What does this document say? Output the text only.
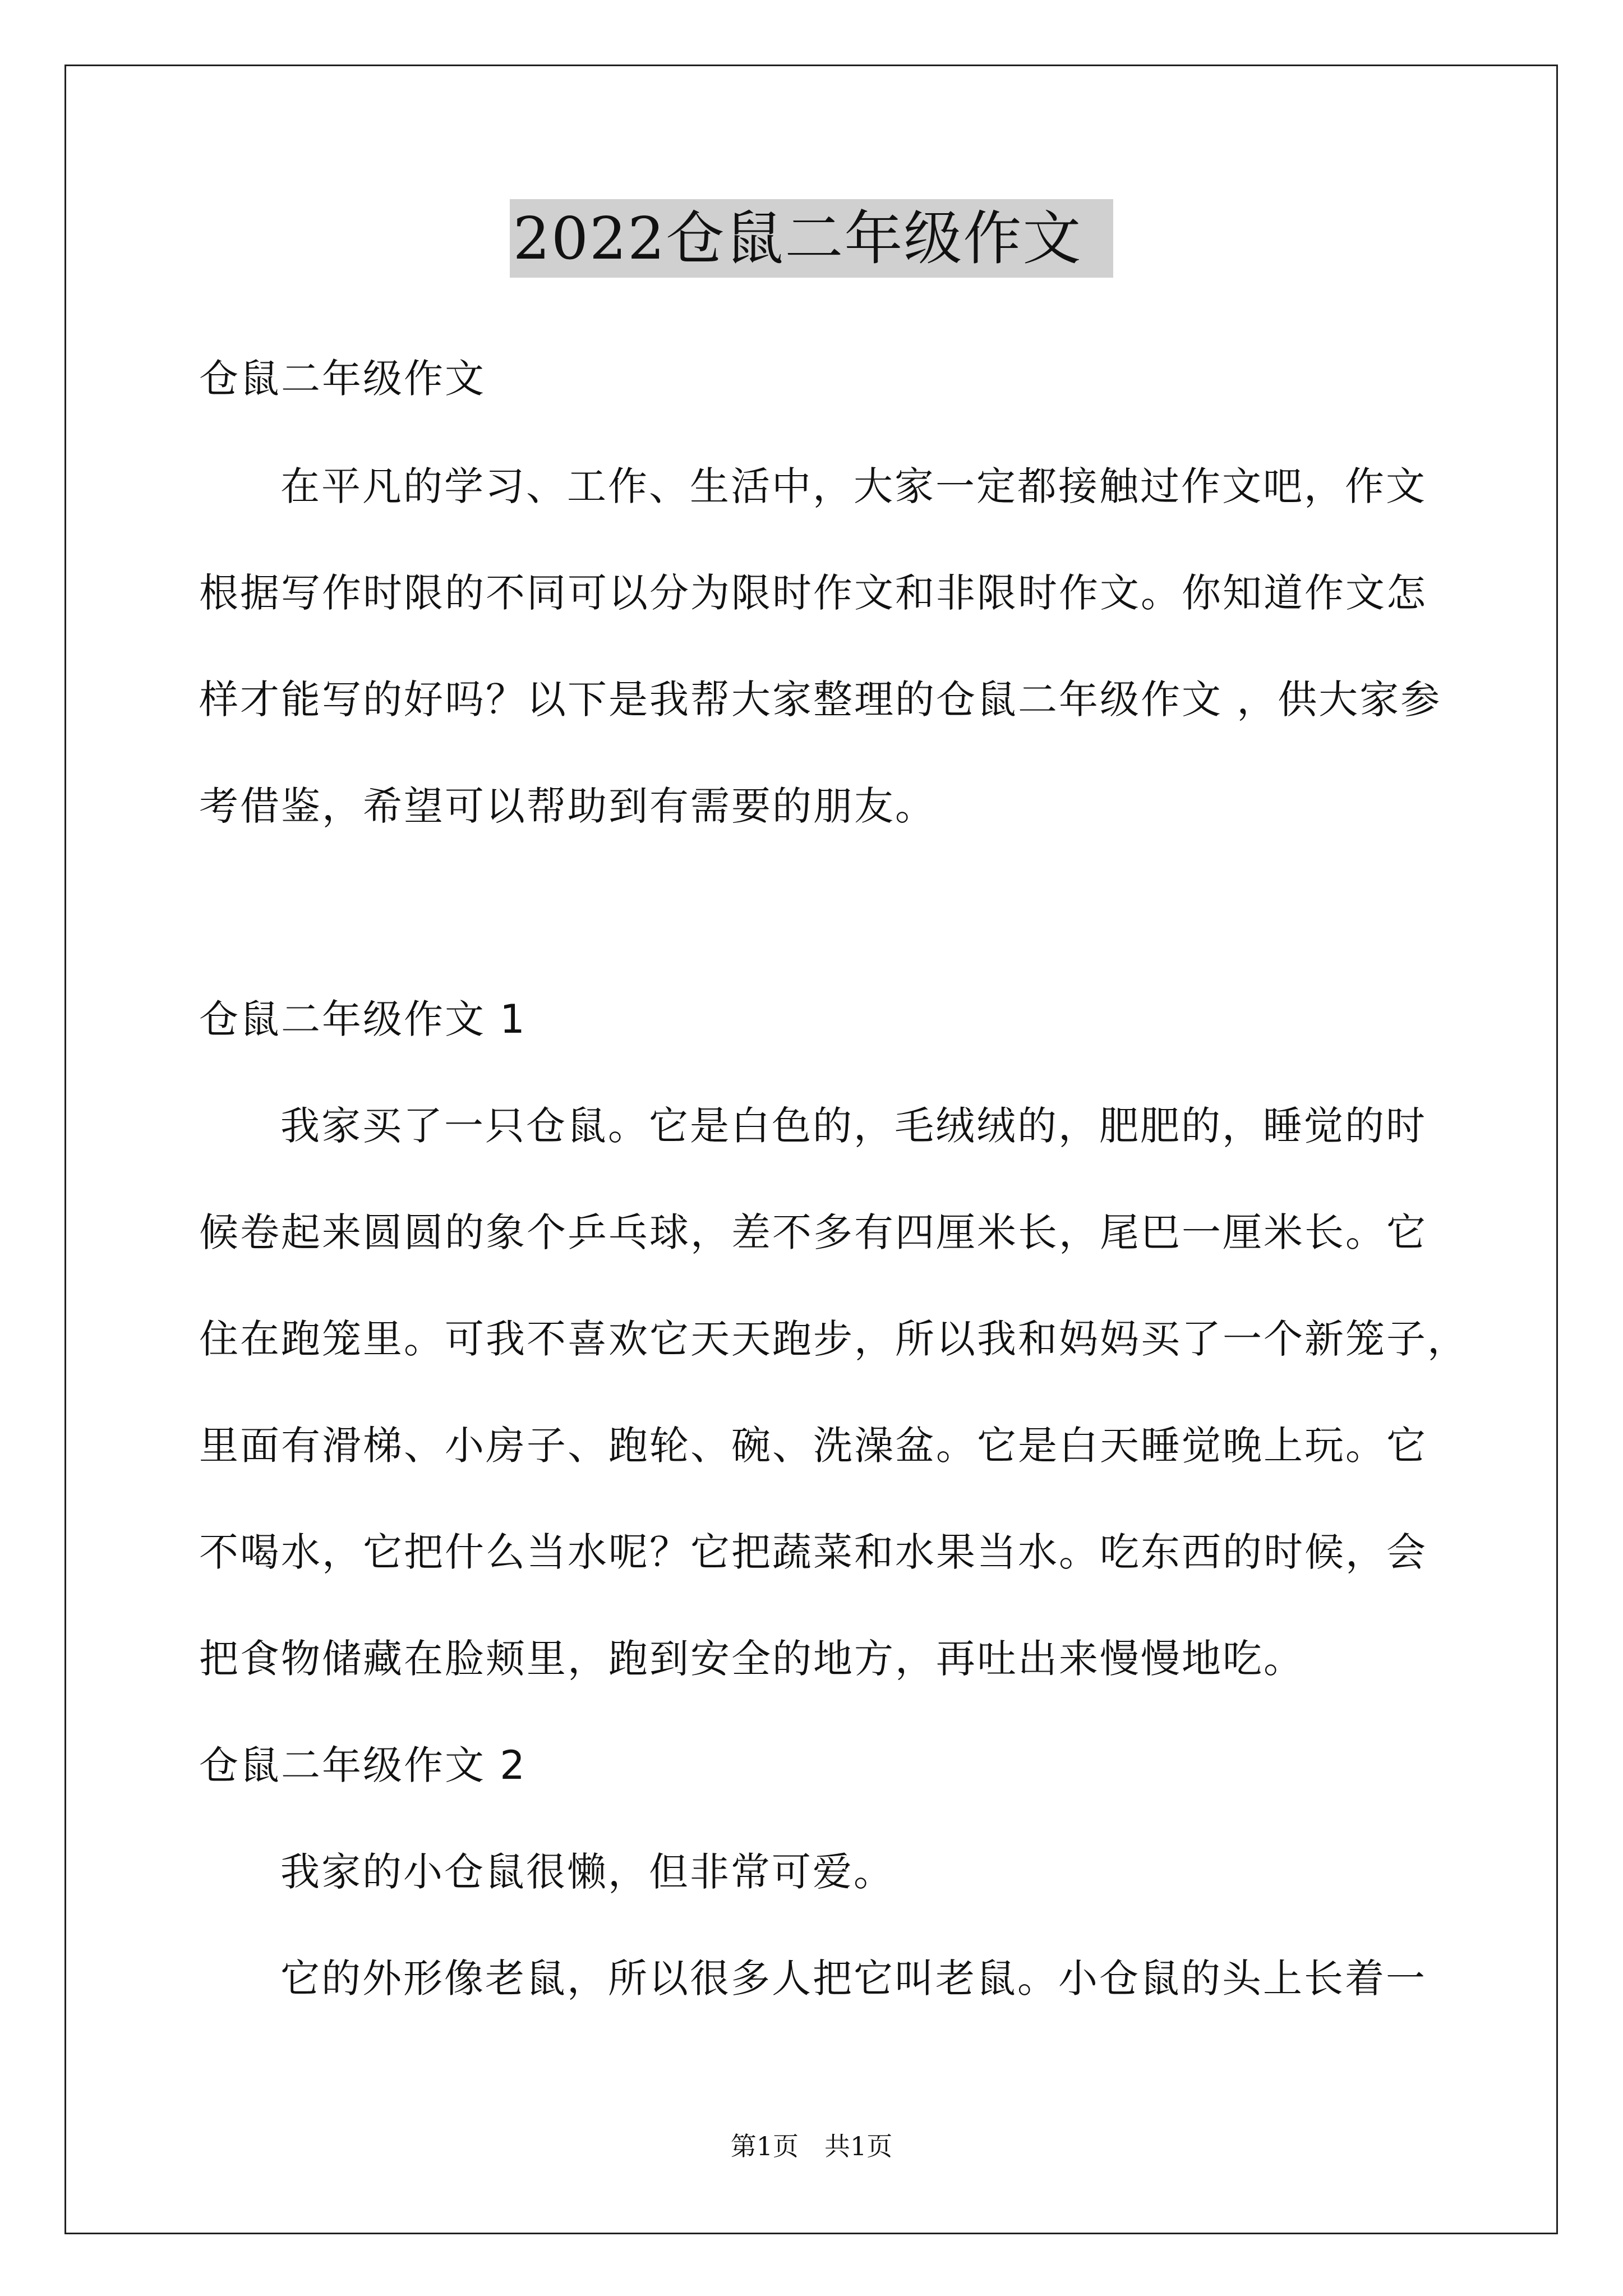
2022仓鼠二年级作文
仓鼠二年级作文
在平凡的学习、工作、生活中，大家一定都接触过作文吧，作文
根据写作时限的不同可以分为限时作文和非限时作文。你知道作文怎
样才能写的好吗？以下是我帮大家整理的仓鼠二年级作文 ，供大家参
考借鉴，希望可以帮助到有需要的朋友。
仓鼠二年级作文 1
我家买了一只仓鼠。它是白色的，毛绒绒的，肥肥的，睡觉的时
候卷起来圆圆的象个乒乓球，差不多有四厘米长，尾巴一厘米长。它
住在跑笼里。可我不喜欢它天天跑步，所以我和妈妈买了一个新笼子，
里面有滑梯、小房子、跑轮、碗、洗澡盆。它是白天睡觉晚上玩。它
不喝水，它把什么当水呢？它把蔬菜和水果当水。吃东西的时候，会
把食物储藏在脸颊里，跑到安全的地方，再吐出来慢慢地吃。
仓鼠二年级作文 2
我家的小仓鼠很懒，但非常可爱。
它的外形像老鼠，所以很多人把它叫老鼠。小仓鼠的头上长着一
第1页　共1页
